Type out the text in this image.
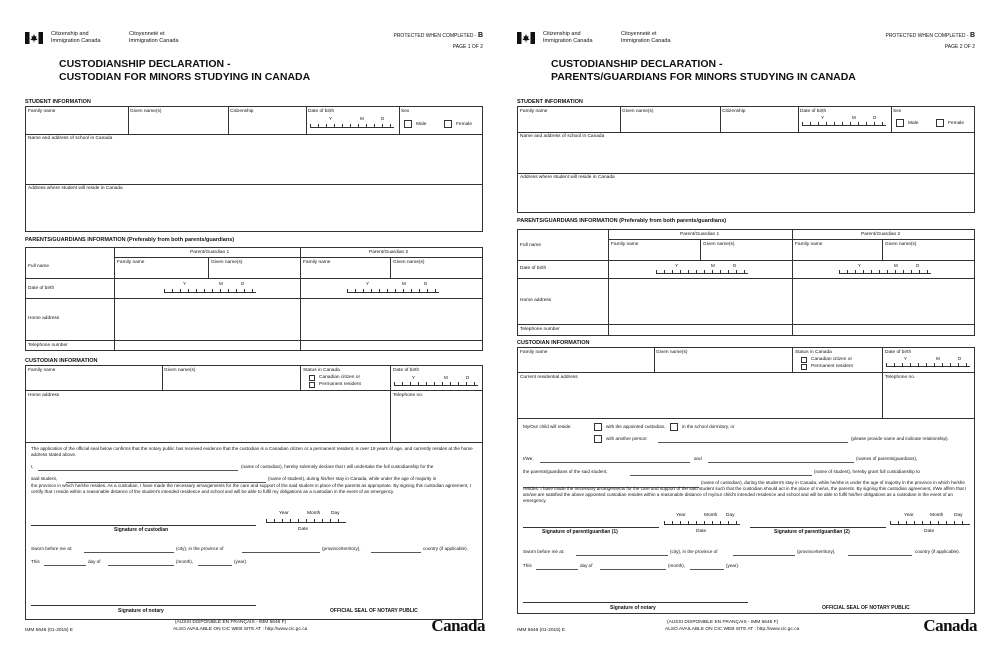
Citizenship and
Immigration Canada
Citoyenneté et
Immigration Canada
PROTECTED WHEN COMPLETED - B
PAGE 1 OF 2
CUSTODIANSHIP DECLARATION -
CUSTODIAN FOR MINORS STUDYING IN CANADA
STUDENT INFORMATION
Family name	Given name(s)	Citizenship	Date of birth
Y	M	D
Sex
Male	Female
Name and address of school in Canada
Address where student will reside in Canada
PARENTS/GUARDIANS INFORMATION (Preferably from both parents/guardians)
Parent/Guardian 1	Parent/Guardian 2
Full name
Family name	Given name(s)	Family name	Given name(s)
Date of birth
Y	M	D	Y	M	D
Home address
Telephone number
CUSTODIAN INFORMATION
Family name	Given name(s)	Status in Canada
Canadian citizen or
Permanent resident
Date of birth
Y	M	D
Home address	Telephone no.
The application of the official seal below confirms that the notary public has received evidence that the custodian is a Canadian citizen or a permanent resident, is over 19 years of age, and currently resides at the home address stated above.
I,	(name of custodian), hereby solemnly declare that I will undertake the full custodianship for the
said student,	(name of student), during his/her stay in Canada, while under the age of majority in
the province in which he/she resides. As a custodian, I have made the necessary arrangements for the care and support of the said student in place of the parents as appropriate. By signing this custodian agreement, I certify that I reside within a reasonable distance of the student's intended residence and school and will be able to fulfil my obligations as a custodian in the event of an emergency.
Year	Month Day
Signature of custodian	Date
Sworn before me at:	(city), in the province of	(province/territory),	country (if applicable).
This	day of	(month),	(year).
Signature of notary	OFFICIAL SEAL OF NOTARY PUBLIC
(AUSSI DISPONIBLE EN FRANÇAIS - IMM 5646 F)
ALSO AVAILABLE ON CIC WEB SITE AT : http://www.cic.gc.ca
IMM 5646 (01-2015) E	Canada
Citizenship and
Immigration Canada
Citoyenneté et
Immigration Canada
PROTECTED WHEN COMPLETED - B
PAGE 2 OF 2
CUSTODIANSHIP DECLARATION -
PARENTS/GUARDIANS FOR MINORS STUDYING IN CANADA
STUDENT INFORMATION
Family name	Given name(s)	Citizenship	Date of birth
Y	M	D
Sex
Male	Female
Name and address of school in Canada
Address where student will reside in Canada
PARENTS/GUARDIANS INFORMATION (Preferably from both parents/guardians)
Parent/Guardian 1	Parent/Guardian 2
Full name	Family name	Given name(s)	Family name	Given name(s)
Date of birth
Y	M	D	Y	M	D
Home address
Telephone number
CUSTODIAN INFORMATION
Family name	Given name(s)	Status in Canada
Canadian citizen or
Permanent resident
Date of birth
Y	M	D
Current residential address	Telephone no.
My/Our child will reside:	with the appointed custodian,	in the school dormitory, or
with another person:	(please provide name and indicate relationship).
I/We,	and	(names of parents/guardians),
the parents/guardians of the said student,	(name of student), hereby grant full custodianship to
(name of custodian), during the student's stay in Canada, while he/she is under the age of majority in the province in which he/she resides. I have made the necessary arrangements for the care and support of the said student such that the custodian should act in the place of me/us, the parents. By signing this custodian agreement, I/We affirm that I am/we are satisfied the above appointed custodian resides within a reasonable distance of my/our child's intended residence and school and will be able to fulfil his/her obligations as a custodian in the event of an emergency.
Year	Month Day	Year	Month Day
Signature of parent/guardian (1)	Date	Signature of parent/guardian (2)	Date
Sworn before me at:	(city), in the province of	(province/territory),	country (if applicable).
This	day of	(month),	(year).
Signature of notary	OFFICIAL SEAL OF NOTARY PUBLIC
(AUSSI DISPONIBLE EN FRANÇAIS - IMM 5646 F)
ALSO AVAILABLE ON CIC WEB SITE AT : http://www.cic.gc.ca
IMM 5646 (01-2015) E	Canada
